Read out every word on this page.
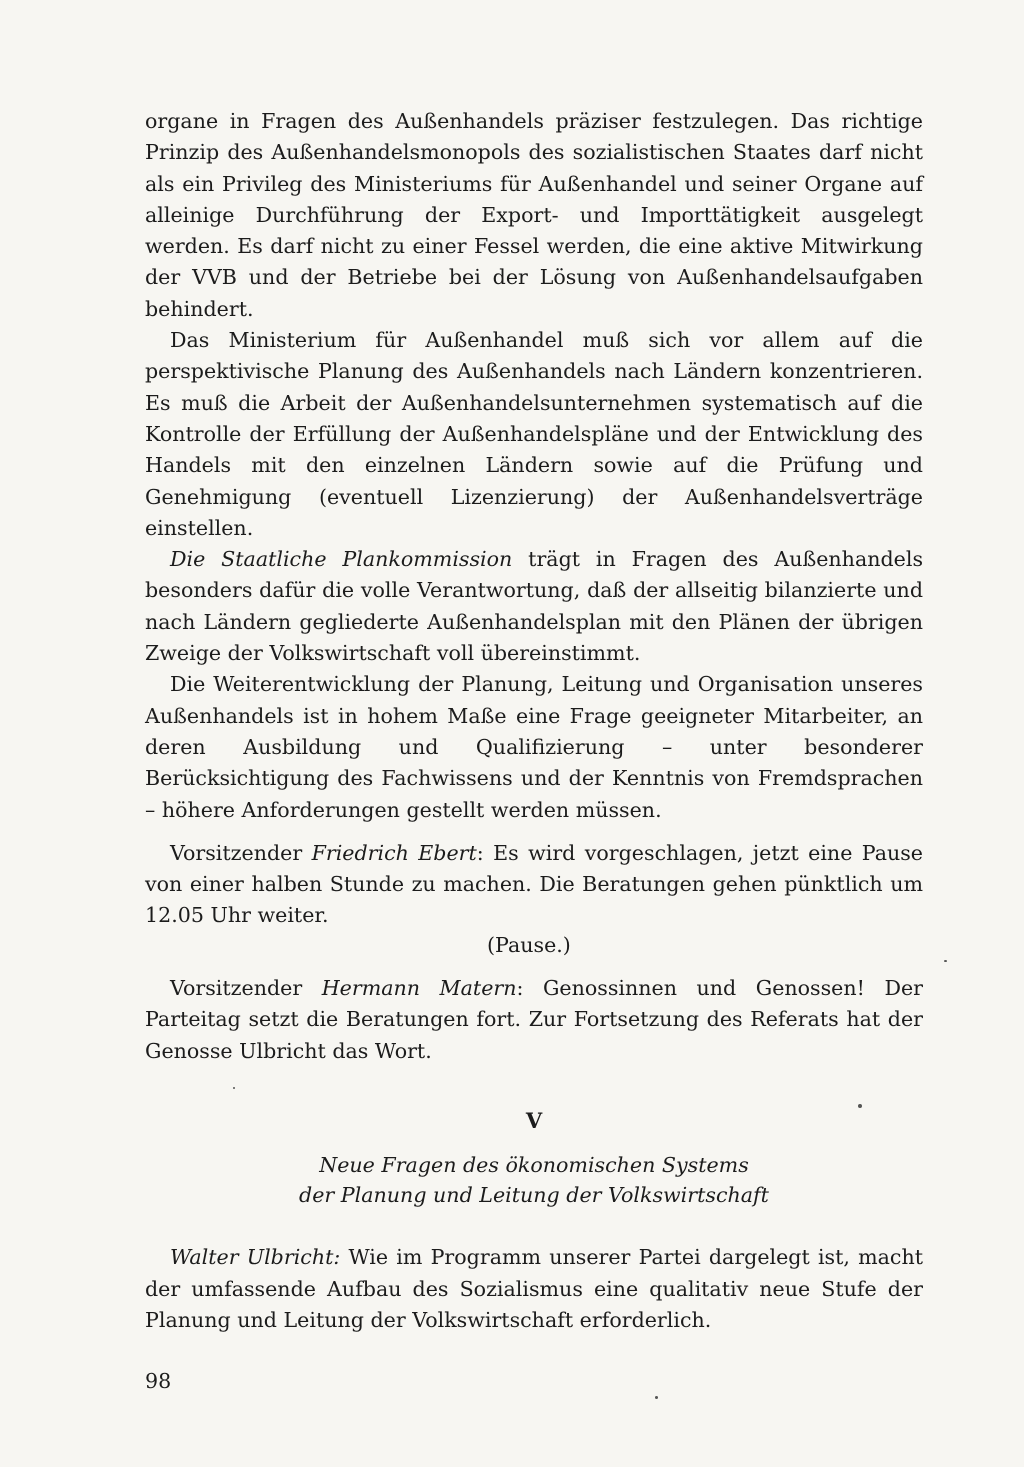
organe in Fragen des Außenhandels präziser festzulegen. Das richtige Prinzip des Außenhandelsmonopols des sozialistischen Staates darf nicht als ein Privileg des Ministeriums für Außenhandel und seiner Organe auf alleinige Durchführung der Export- und Importtätigkeit ausgelegt werden. Es darf nicht zu einer Fessel werden, die eine aktive Mitwirkung der VVB und der Betriebe bei der Lösung von Außenhandelsaufgaben behindert.

Das Ministerium für Außenhandel muß sich vor allem auf die perspektivische Planung des Außenhandels nach Ländern konzentrieren. Es muß die Arbeit der Außenhandelsunternehmen systematisch auf die Kontrolle der Erfüllung der Außenhandelspläne und der Entwicklung des Handels mit den einzelnen Ländern sowie auf die Prüfung und Genehmigung (eventuell Lizenzierung) der Außenhandelsverträge einstellen.

Die Staatliche Plankommission trägt in Fragen des Außenhandels besonders dafür die volle Verantwortung, daß der allseitig bilanzierte und nach Ländern gegliederte Außenhandelsplan mit den Plänen der übrigen Zweige der Volkswirtschaft voll übereinstimmt.

Die Weiterentwicklung der Planung, Leitung und Organisation unseres Außenhandels ist in hohem Maße eine Frage geeigneter Mitarbeiter, an deren Ausbildung und Qualifizierung – unter besonderer Berücksichtigung des Fachwissens und der Kenntnis von Fremdsprachen – höhere Anforderungen gestellt werden müssen.

Vorsitzender Friedrich Ebert: Es wird vorgeschlagen, jetzt eine Pause von einer halben Stunde zu machen. Die Beratungen gehen pünktlich um 12.05 Uhr weiter.

(Pause.)

Vorsitzender Hermann Matern: Genossinnen und Genossen! Der Parteitag setzt die Beratungen fort. Zur Fortsetzung des Referats hat der Genosse Ulbricht das Wort.

V
Neue Fragen des ökonomischen Systems
der Planung und Leitung der Volkswirtschaft

Walter Ulbricht: Wie im Programm unserer Partei dargelegt ist, macht der umfassende Aufbau des Sozialismus eine qualitativ neue Stufe der Planung und Leitung der Volkswirtschaft erforderlich.

98
